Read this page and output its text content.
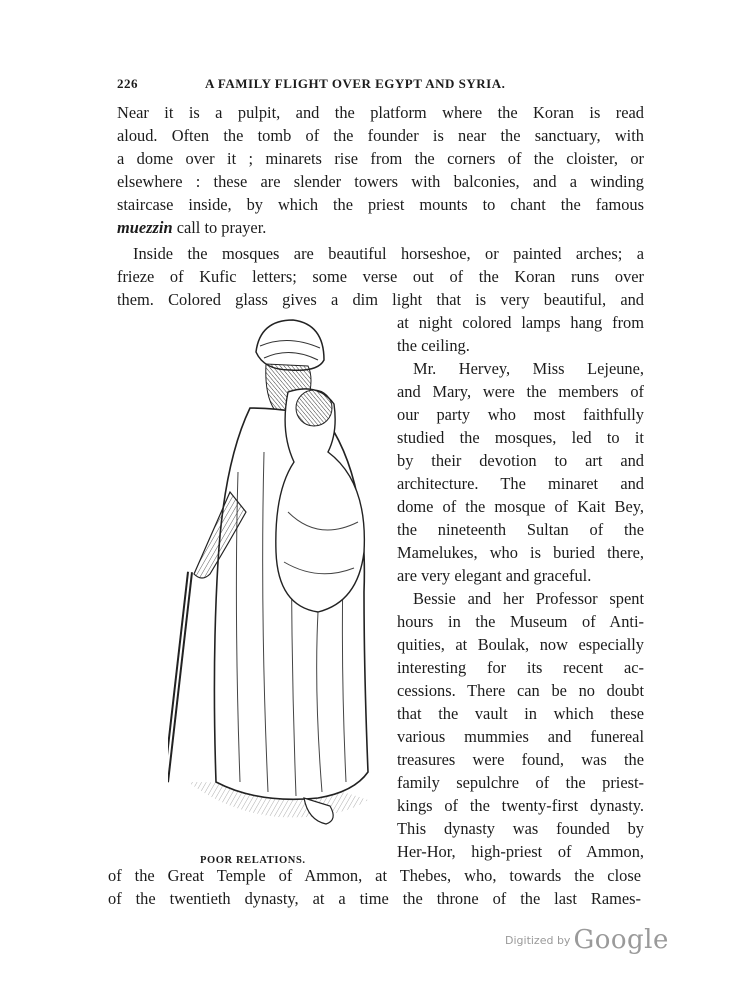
226	A FAMILY FLIGHT OVER EGYPT AND SYRIA.
Near it is a pulpit, and the platform where the Koran is read
aloud. Often the tomb of the founder is near the sanctuary, with
a dome over it ; minarets rise from the corners of the cloister, or
elsewhere : these are slender towers with balconies, and a winding
staircase inside, by which the priest mounts to chant the famous
muezzin call to prayer.
Inside the mosques are beautiful horseshoe, or painted arches; a
frieze of Kufic letters; some verse out of the Koran runs over
them. Colored glass gives a dim light that is very beautiful, and
at night colored lamps hang from
the ceiling.
Mr. Hervey, Miss Lejeune,
and Mary, were the members of
our party who most faithfully
studied the mosques, led to it
by their devotion to art and
architecture. The minaret and
dome of the mosque of Kait Bey,
the nineteenth Sultan of the
Mamelukes, who is buried there,
are very elegant and graceful.
Bessie and her Professor spent
hours in the Museum of Anti-
quities, at Boulak, now especially
interesting for its recent ac-
cessions. There can be no doubt
that the vault in which these
various mummies and funereal
treasures were found, was the
family sepulchre of the priest-
kings of the twenty-first dynasty.
This dynasty was founded by
Her-Hor, high-priest of Ammon,
of the Great Temple of Ammon, at Thebes, who, towards the close
of the twentieth dynasty, at a time the throne of the last Rames-
POOR RELATIONS.
$^{Digitized by}$ Google
